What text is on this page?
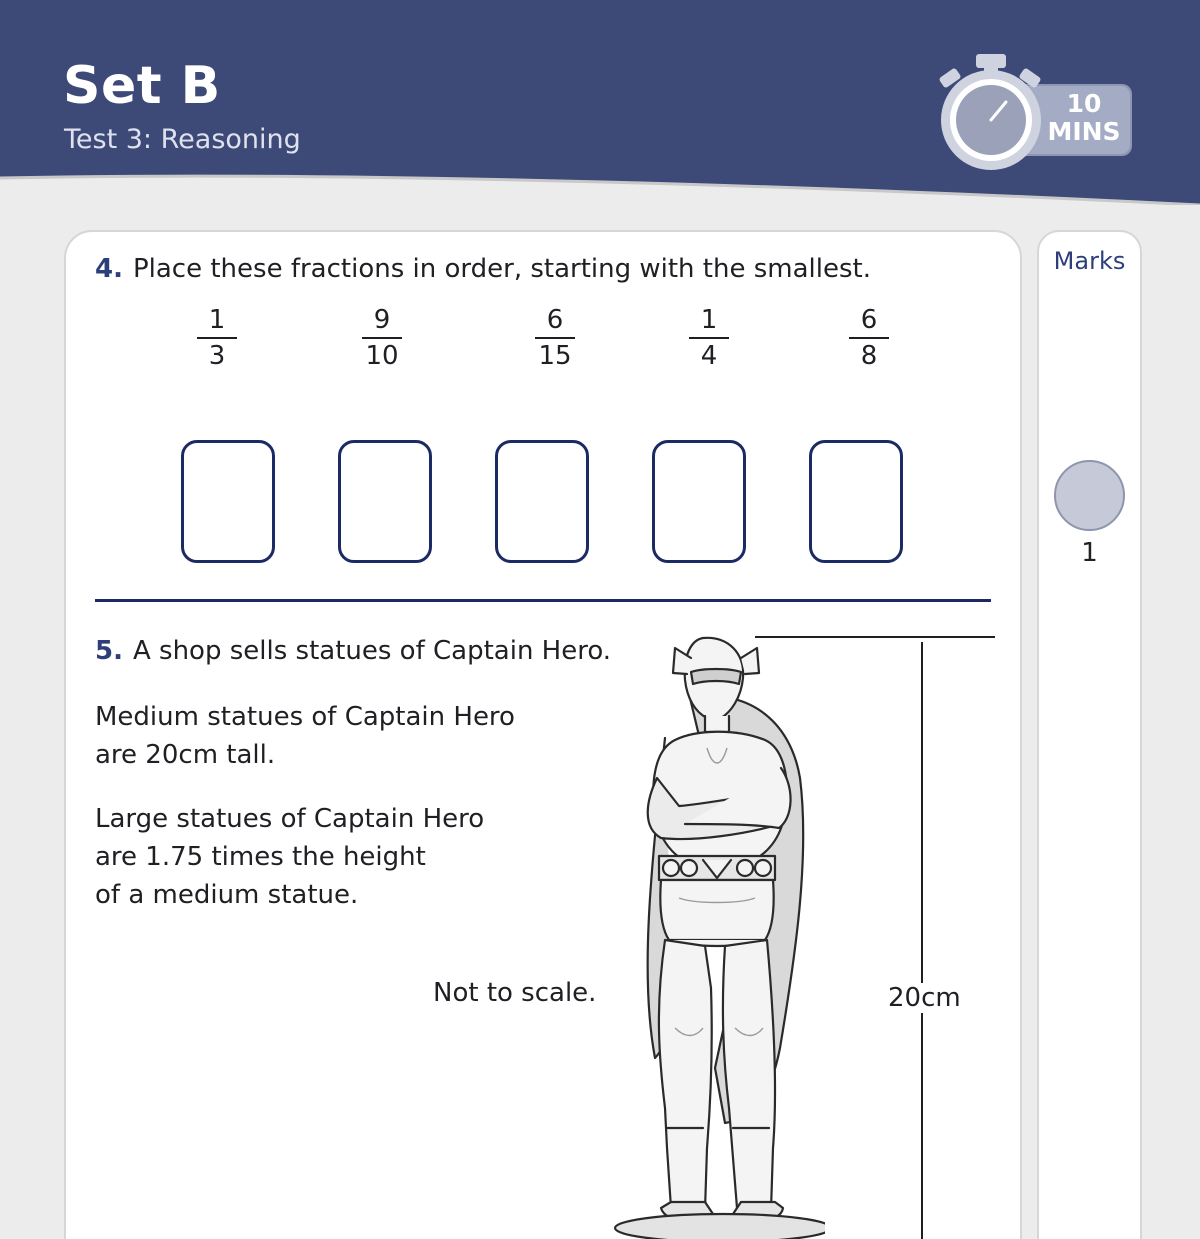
Set B
Test 3: Reasoning
10
MINS
Marks
1
4. Place these fractions in order, starting with the smallest.
1
3
9
10
6
15
1
4
6
8
5. A shop sells statues of Captain Hero.
Medium statues of Captain Hero
are 20cm tall.
Large statues of Captain Hero
are 1.75 times the height
of a medium statue.
Not to scale.	20cm
